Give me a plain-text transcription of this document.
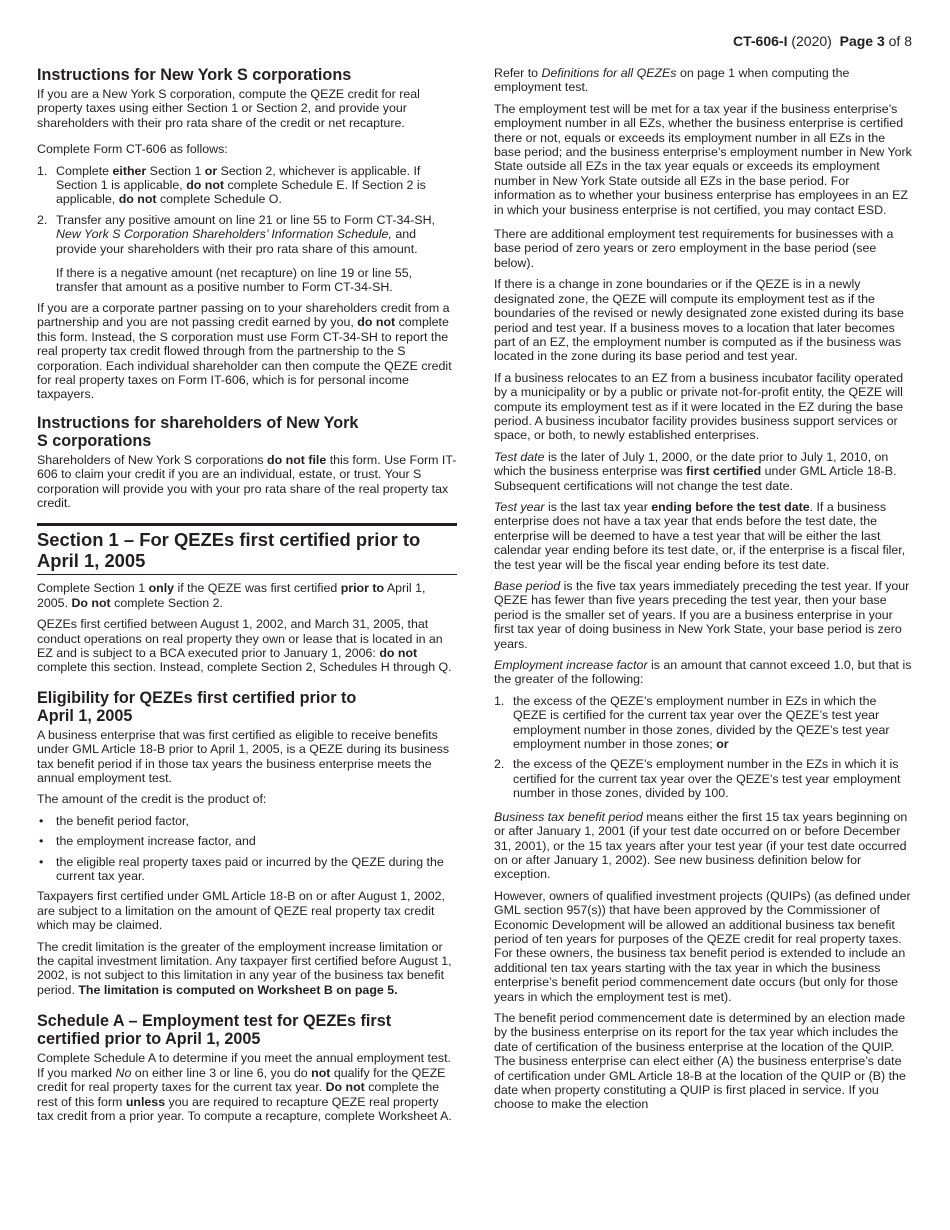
CT-606-I (2020) Page 3 of 8
Instructions for New York S corporations

If you are a New York S corporation, compute the QEZE credit for real property taxes using either Section 1 or Section 2, and provide your shareholders with their pro rata share of the credit or net recapture.

Complete Form CT-606 as follows:

1. Complete either Section 1 or Section 2, whichever is applicable. If Section 1 is applicable, do not complete Schedule E. If Section 2 is applicable, do not complete Schedule O.
2. Transfer any positive amount on line 21 or line 55 to Form CT-34-SH, New York S Corporation Shareholders’ Information Schedule, and provide your shareholders with their pro rata share of this amount.
If there is a negative amount (net recapture) on line 19 or line 55, transfer that amount as a positive number to Form CT-34-SH.

If you are a corporate partner passing on to your shareholders credit from a partnership and you are not passing credit earned by you, do not complete this form. Instead, the S corporation must use Form CT-34-SH to report the real property tax credit flowed through from the partnership to the S corporation. Each individual shareholder can then compute the QEZE credit for real property taxes on Form IT-606, which is for personal income taxpayers.

Instructions for shareholders of New York
S corporations

Shareholders of New York S corporations do not file this form. Use Form IT-606 to claim your credit if you are an individual, estate, or trust. Your S corporation will provide you with your pro rata share of the real property tax credit.

Section 1 – For QEZEs first certified prior to
April 1, 2005

Complete Section 1 only if the QEZE was first certified prior to April 1, 2005. Do not complete Section 2.

QEZEs first certified between August 1, 2002, and March 31, 2005, that conduct operations on real property they own or lease that is located in an EZ and is subject to a BCA executed prior to January 1, 2006: do not complete this section. Instead, complete Section 2, Schedules H through Q.

Eligibility for QEZEs first certified prior to
April 1, 2005

A business enterprise that was first certified as eligible to receive benefits under GML Article 18-B prior to April 1, 2005, is a QEZE during its business tax benefit period if in those tax years the business enterprise meets the annual employment test.

The amount of the credit is the product of:

• the benefit period factor,
• the employment increase factor, and
• the eligible real property taxes paid or incurred by the QEZE during the current tax year.

Taxpayers first certified under GML Article 18-B on or after August 1, 2002, are subject to a limitation on the amount of QEZE real property tax credit which may be claimed.

The credit limitation is the greater of the employment increase limitation or the capital investment limitation. Any taxpayer first certified before August 1, 2002, is not subject to this limitation in any year of the business tax benefit period. The limitation is computed on Worksheet B on page 5.

Schedule A – Employment test for QEZEs first
certified prior to April 1, 2005

Complete Schedule A to determine if you meet the annual employment test. If you marked No on either line 3 or line 6, you do not qualify for the QEZE credit for real property taxes for the current tax year. Do not complete the rest of this form unless you are required to recapture QEZE real property tax credit from a prior year. To compute a recapture, complete Worksheet A.

Refer to Definitions for all QEZEs on page 1 when computing the employment test.

The employment test will be met for a tax year if the business enterprise’s employment number in all EZs, whether the business enterprise is certified there or not, equals or exceeds its employment number in all EZs in the base period; and the business enterprise’s employment number in New York State outside all EZs in the tax year equals or exceeds its employment number in New York State outside all EZs in the base period. For information as to whether your business enterprise has employees in an EZ in which your business enterprise is not certified, you may contact ESD.

There are additional employment test requirements for businesses with a base period of zero years or zero employment in the base period (see below).

If there is a change in zone boundaries or if the QEZE is in a newly designated zone, the QEZE will compute its employment test as if the boundaries of the revised or newly designated zone existed during its base period and test year. If a business moves to a location that later becomes part of an EZ, the employment number is computed as if the business was located in the zone during its base period and test year.

If a business relocates to an EZ from a business incubator facility operated by a municipality or by a public or private not-for-profit entity, the QEZE will compute its employment test as if it were located in the EZ during the base period. A business incubator facility provides business support services or space, or both, to newly established enterprises.

Test date is the later of July 1, 2000, or the date prior to July 1, 2010, on which the business enterprise was first certified under GML Article 18-B. Subsequent certifications will not change the test date.

Test year is the last tax year ending before the test date. If a business enterprise does not have a tax year that ends before the test date, the enterprise will be deemed to have a test year that will be either the last calendar year ending before its test date, or, if the enterprise is a fiscal filer, the test year will be the fiscal year ending before its test date.

Base period is the five tax years immediately preceding the test year. If your QEZE has fewer than five years preceding the test year, then your base period is the smaller set of years. If you are a business enterprise in your first tax year of doing business in New York State, your base period is zero years.

Employment increase factor is an amount that cannot exceed 1.0, but that is the greater of the following:

1. the excess of the QEZE’s employment number in EZs in which the QEZE is certified for the current tax year over the QEZE’s test year employment number in those zones, divided by the QEZE’s test year employment number in those zones; or
2. the excess of the QEZE’s employment number in the EZs in which it is certified for the current tax year over the QEZE’s test year employment number in those zones, divided by 100.

Business tax benefit period means either the first 15 tax years beginning on or after January 1, 2001 (if your test date occurred on or before December 31, 2001), or the 15 tax years after your test year (if your test date occurred on or after January 1, 2002). See new business definition below for exception.

However, owners of qualified investment projects (QUIPs) (as defined under GML section 957(s)) that have been approved by the Commissioner of Economic Development will be allowed an additional business tax benefit period of ten years for purposes of the QEZE credit for real property taxes. For these owners, the business tax benefit period is extended to include an additional ten tax years starting with the tax year in which the business enterprise’s benefit period commencement date occurs (but only for those years in which the employment test is met).

The benefit period commencement date is determined by an election made by the business enterprise on its report for the tax year which includes the date of certification of the business enterprise at the location of the QUIP. The business enterprise can elect either (A) the business enterprise’s date of certification under GML Article 18-B at the location of the QUIP or (B) the date when property constituting a QUIP is first placed in service. If you choose to make the election
